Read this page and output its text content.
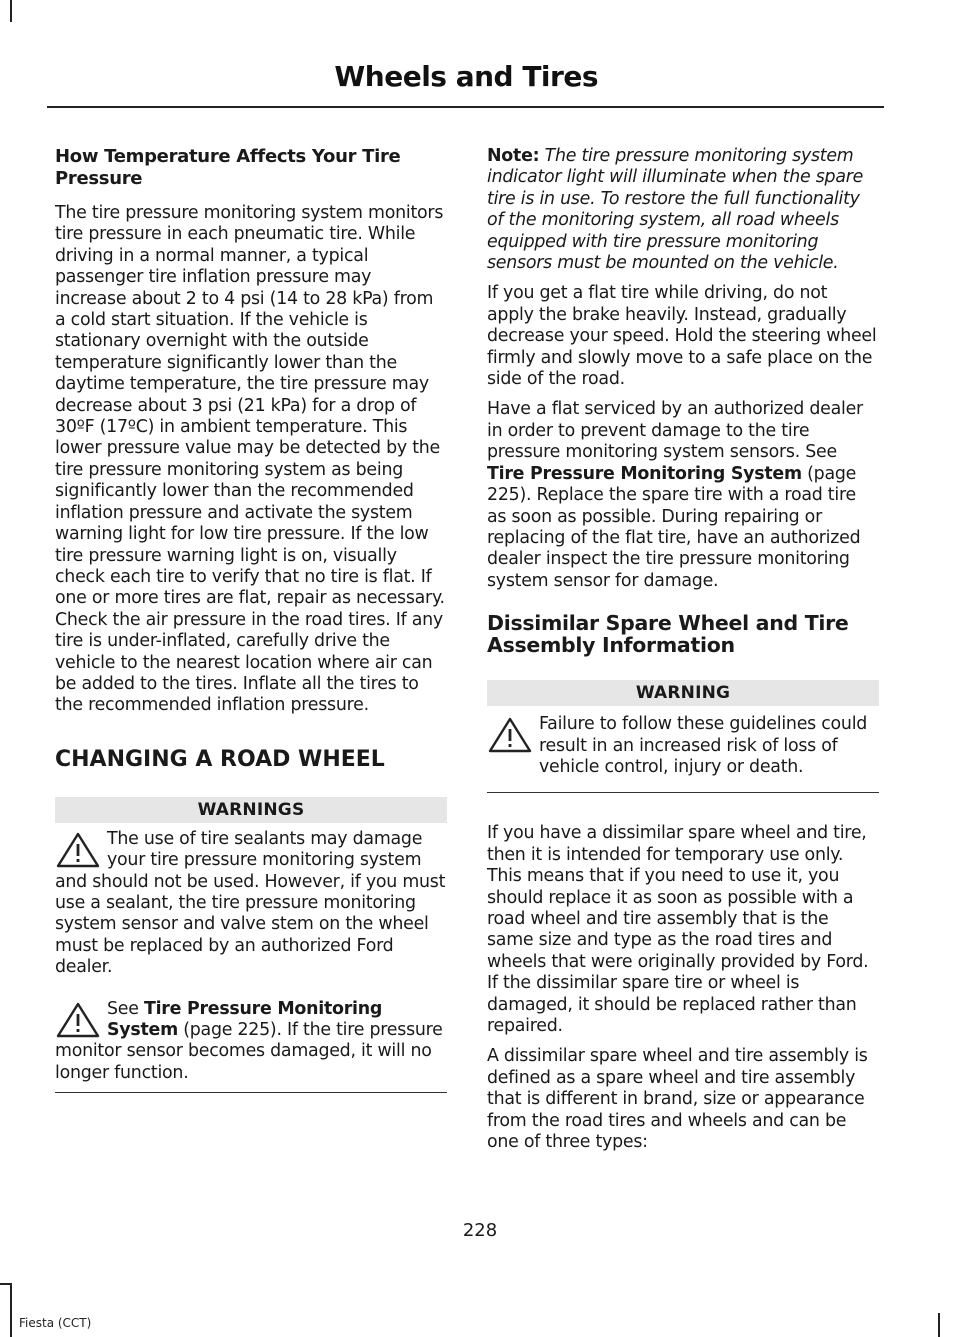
Wheels and Tires
How Temperature Affects Your Tire Pressure

The tire pressure monitoring system monitors tire pressure in each pneumatic tire. While driving in a normal manner, a typical passenger tire inflation pressure may increase about 2 to 4 psi (14 to 28 kPa) from a cold start situation. If the vehicle is stationary overnight with the outside temperature significantly lower than the daytime temperature, the tire pressure may decrease about 3 psi (21 kPa) for a drop of 30ºF (17ºC) in ambient temperature. This lower pressure value may be detected by the tire pressure monitoring system as being significantly lower than the recommended inflation pressure and activate the system warning light for low tire pressure. If the low tire pressure warning light is on, visually check each tire to verify that no tire is flat. If one or more tires are flat, repair as necessary. Check the air pressure in the road tires. If any tire is under-inflated, carefully drive the vehicle to the nearest location where air can be added to the tires. Inflate all the tires to the recommended inflation pressure.

CHANGING A ROAD WHEEL
WARNINGS

The use of tire sealants may damage your tire pressure monitoring system and should not be used. However, if you must use a sealant, the tire pressure monitoring system sensor and valve stem on the wheel must be replaced by an authorized Ford dealer.

See Tire Pressure Monitoring System (page 225). If the tire pressure monitor sensor becomes damaged, it will no longer function.

Note: The tire pressure monitoring system indicator light will illuminate when the spare tire is in use. To restore the full functionality of the monitoring system, all road wheels equipped with tire pressure monitoring sensors must be mounted on the vehicle.

If you get a flat tire while driving, do not apply the brake heavily. Instead, gradually decrease your speed. Hold the steering wheel firmly and slowly move to a safe place on the side of the road.

Have a flat serviced by an authorized dealer in order to prevent damage to the tire pressure monitoring system sensors. See Tire Pressure Monitoring System (page 225). Replace the spare tire with a road tire as soon as possible. During repairing or replacing of the flat tire, have an authorized dealer inspect the tire pressure monitoring system sensor for damage.

Dissimilar Spare Wheel and Tire Assembly Information
WARNING

Failure to follow these guidelines could result in an increased risk of loss of vehicle control, injury or death.

If you have a dissimilar spare wheel and tire, then it is intended for temporary use only. This means that if you need to use it, you should replace it as soon as possible with a road wheel and tire assembly that is the same size and type as the road tires and wheels that were originally provided by Ford. If the dissimilar spare tire or wheel is damaged, it should be replaced rather than repaired.

A dissimilar spare wheel and tire assembly is defined as a spare wheel and tire assembly that is different in brand, size or appearance from the road tires and wheels and can be one of three types:

228
Fiesta (CCT)
